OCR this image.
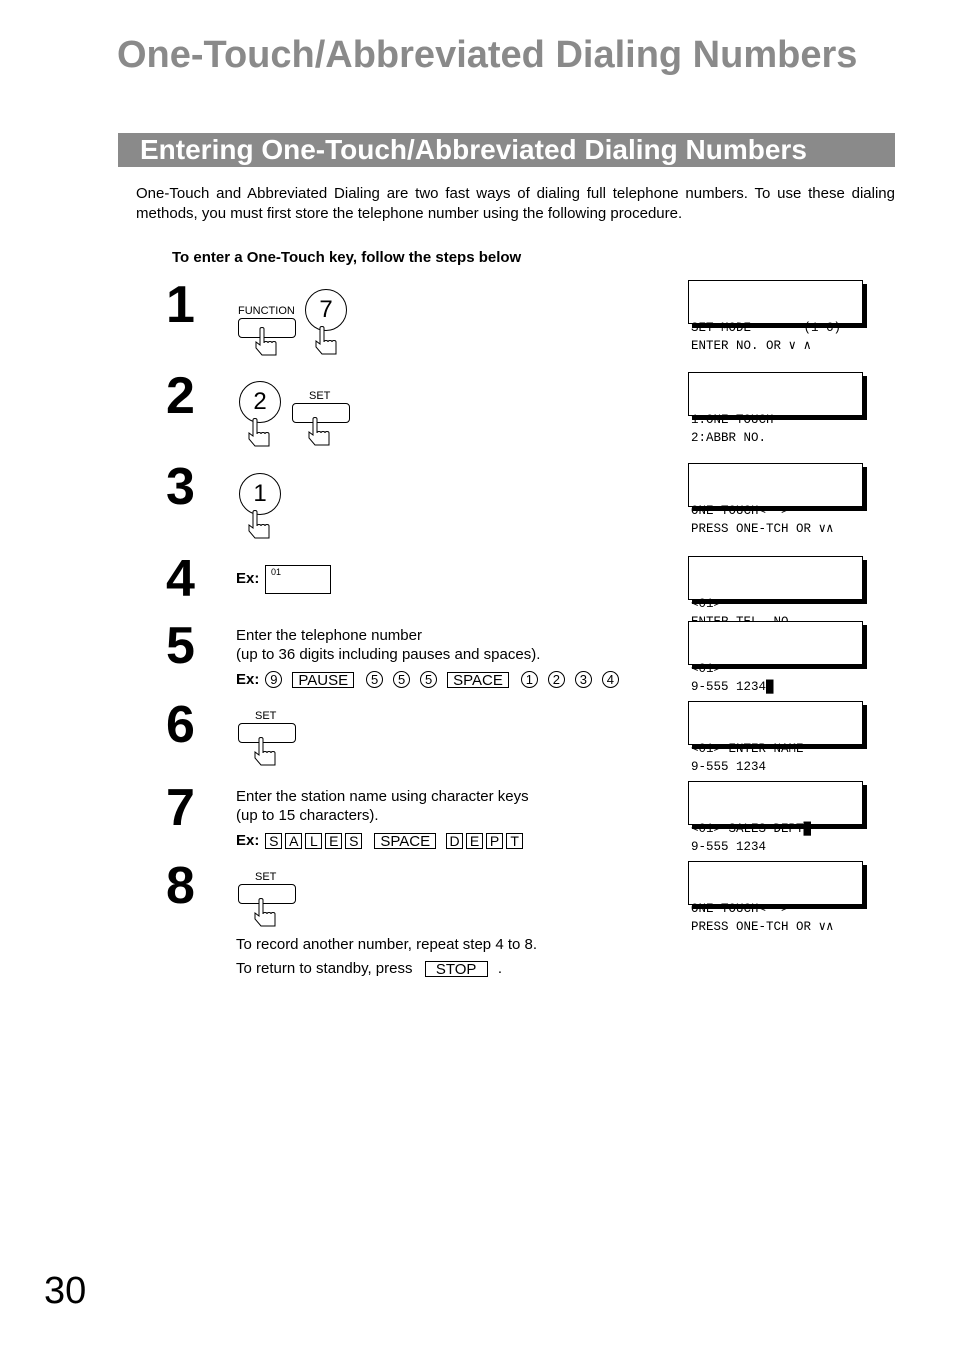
One-Touch/Abbreviated Dialing Numbers
Entering One-Touch/Abbreviated Dialing Numbers
One-Touch and Abbreviated Dialing are two fast ways of dialing full telephone numbers. To use these dialing methods, you must first store the telephone number using the following procedure.
To enter a One-Touch key, follow the steps below
1	FUNCTION	7

SET MODE       (1-6)
ENTER NO. OR ∨ ∧

2	2	SET

1:ONE-TOUCH
2:ABBR NO.

3	1

ONE-TOUCH<  >
PRESS ONE-TCH OR ∨∧

4	Ex:	01

<01>

5	Enter the telephone number
(up to 36 digits including pauses and spaces).
Ex: 9	PAUSE	5	5	5	SPACE	1	2	3	4

<01>
9-555 1234█

6	SET

<01> ENTER NAME
9-555 1234

7	Enter the station name using character keys
(up to 15 characters).
Ex: S A L E S	SPACE	D E P T

<01> SALES DEPT█
9-555 1234

8	SET

ONE-TOUCH<  >
PRESS ONE-TCH OR ∨∧

To record another number, repeat step 4 to 8.
To return to standby, press STOP .
30
